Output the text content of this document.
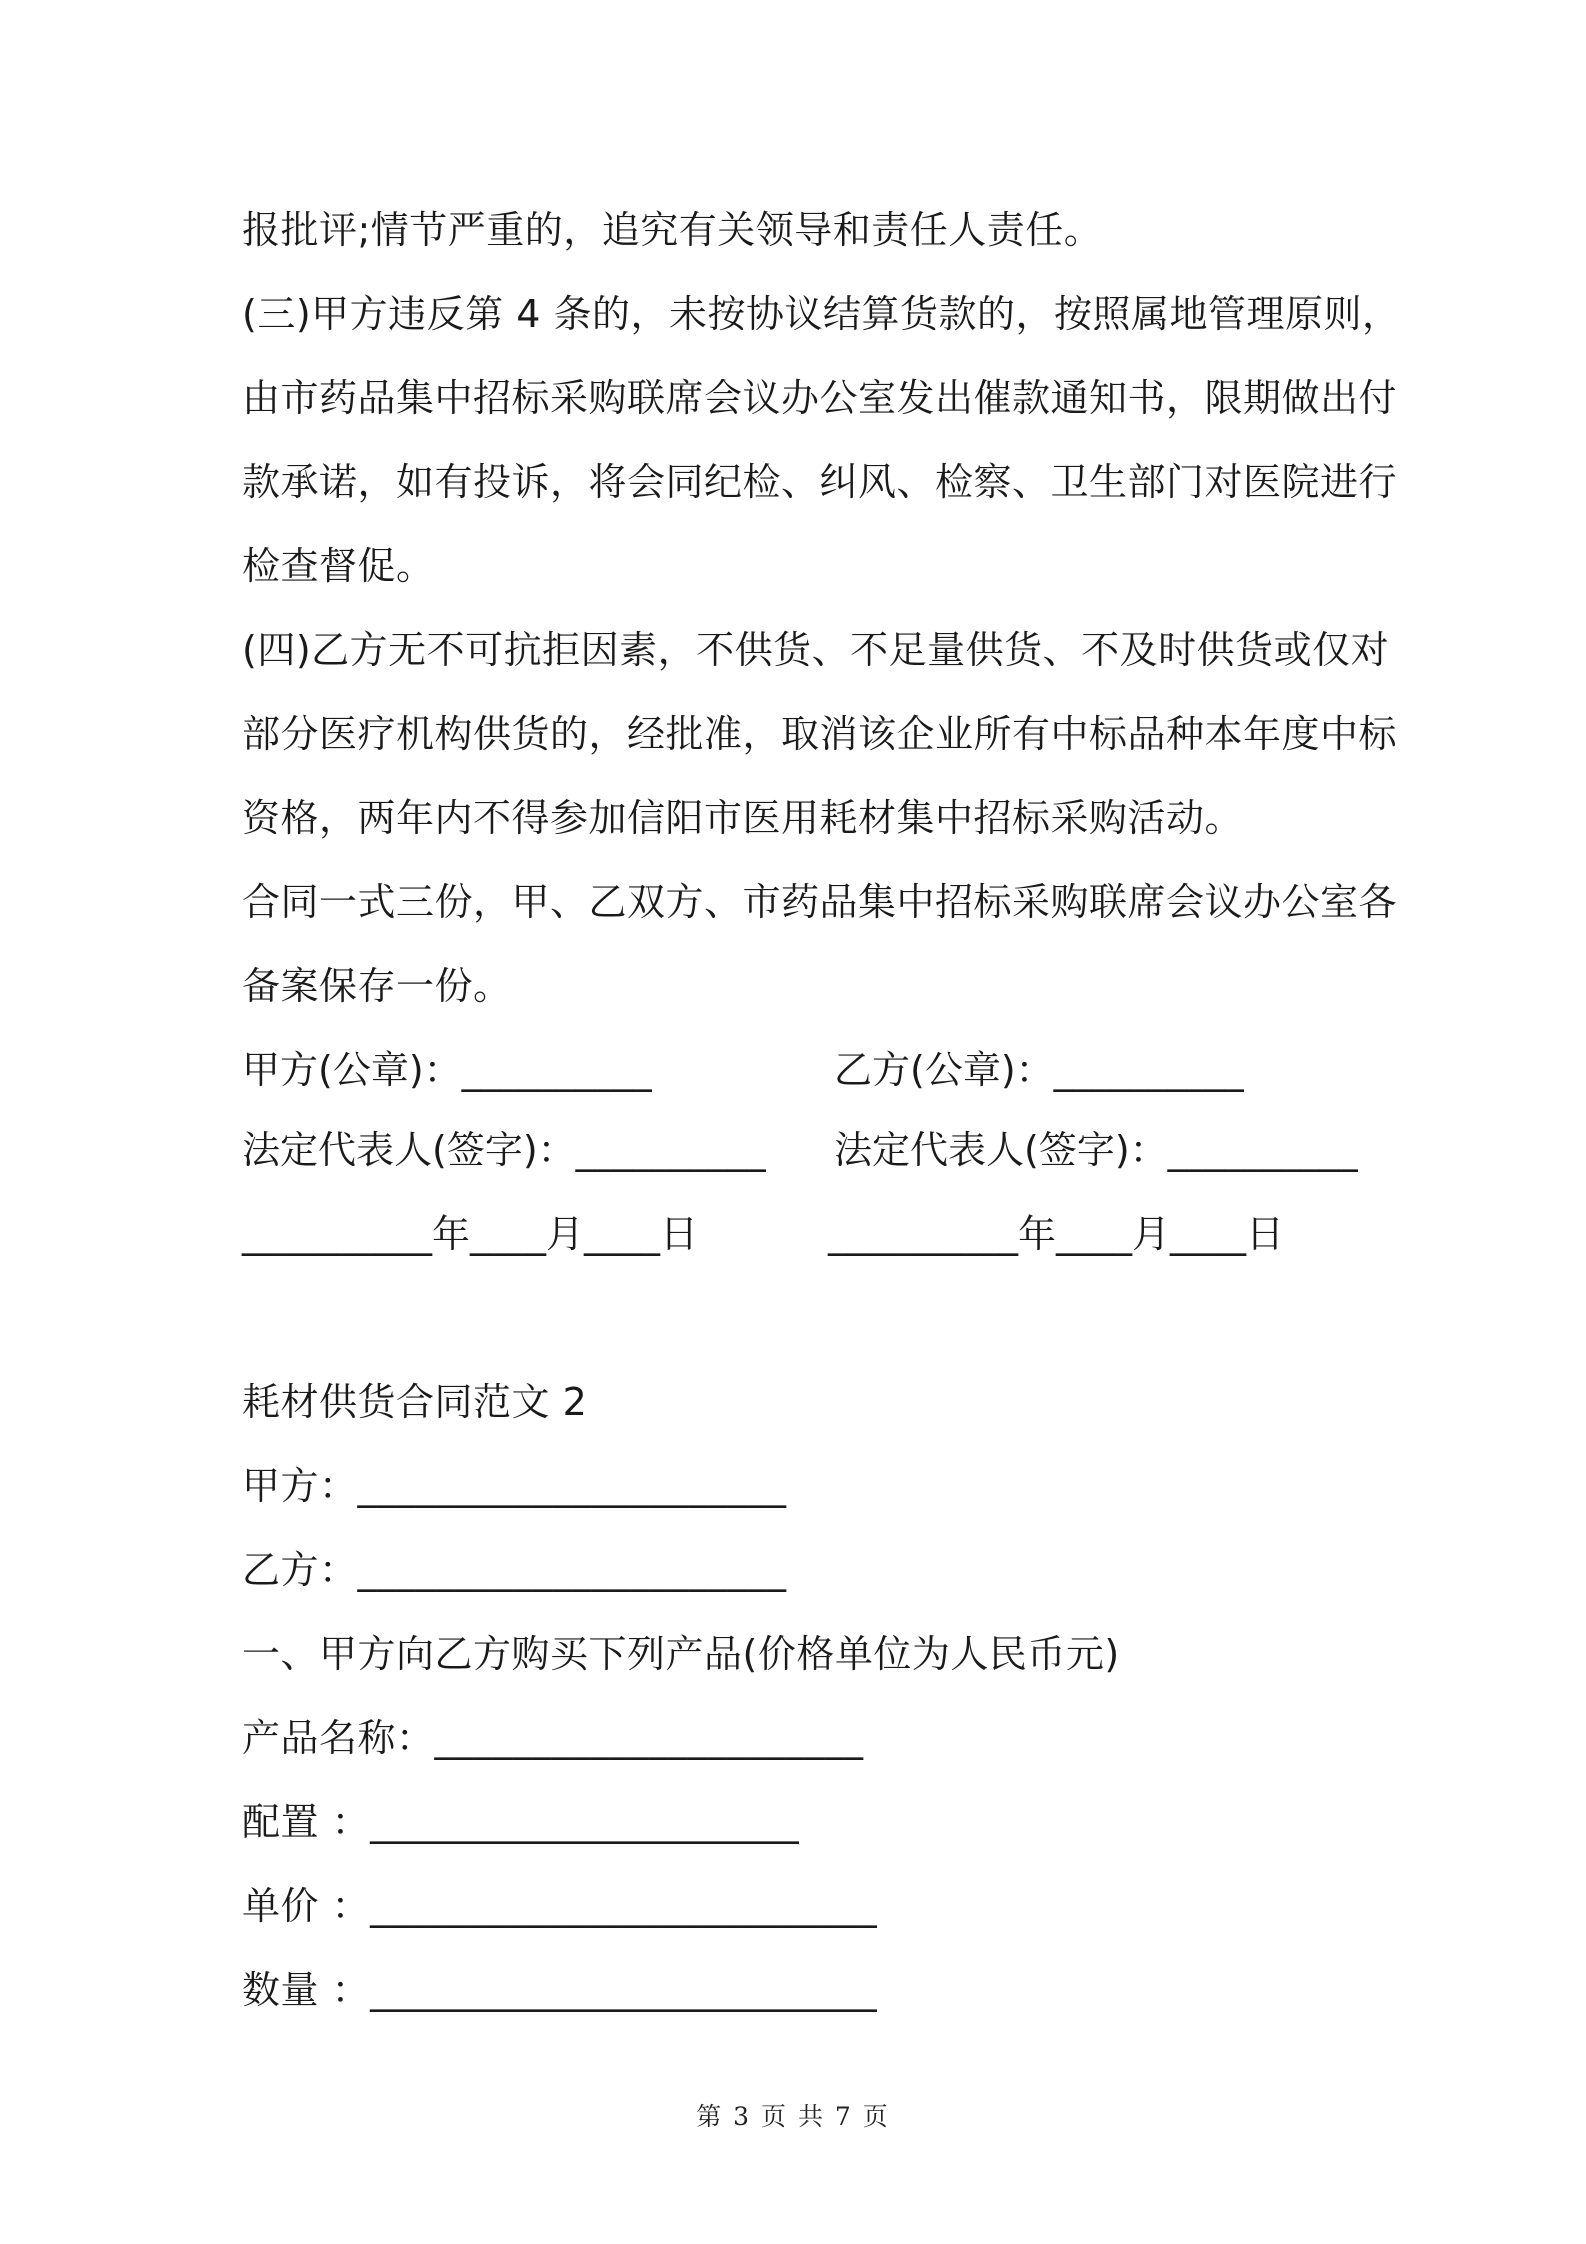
报批评;情节严重的，追究有关领导和责任人责任。
(三)甲方违反第 4 条的，未按协议结算货款的，按照属地管理原则，
由市药品集中招标采购联席会议办公室发出催款通知书，限期做出付
款承诺，如有投诉，将会同纪检、纠风、检察、卫生部门对医院进行
检查督促。
(四)乙方无不可抗拒因素，不供货、不足量供货、不及时供货或仅对
部分医疗机构供货的，经批准，取消该企业所有中标品种本年度中标
资格，两年内不得参加信阳市医用耗材集中招标采购活动。
合同一式三份，甲、乙双方、市药品集中招标采购联席会议办公室各
备案保存一份。
甲方(公章)：__________	乙方(公章)：__________
法定代表人(签字)：__________ 法定代表人(签字)：__________
__________年____月____日	__________年____月____日
耗材供货合同范文 2
甲方：______________________
乙方：______________________
一、甲方向乙方购买下列产品(价格单位为人民币元)
产品名称：______________________
配置 ：______________________
单价 ：__________________________
数量 ：__________________________
第 3 页 共 7 页
